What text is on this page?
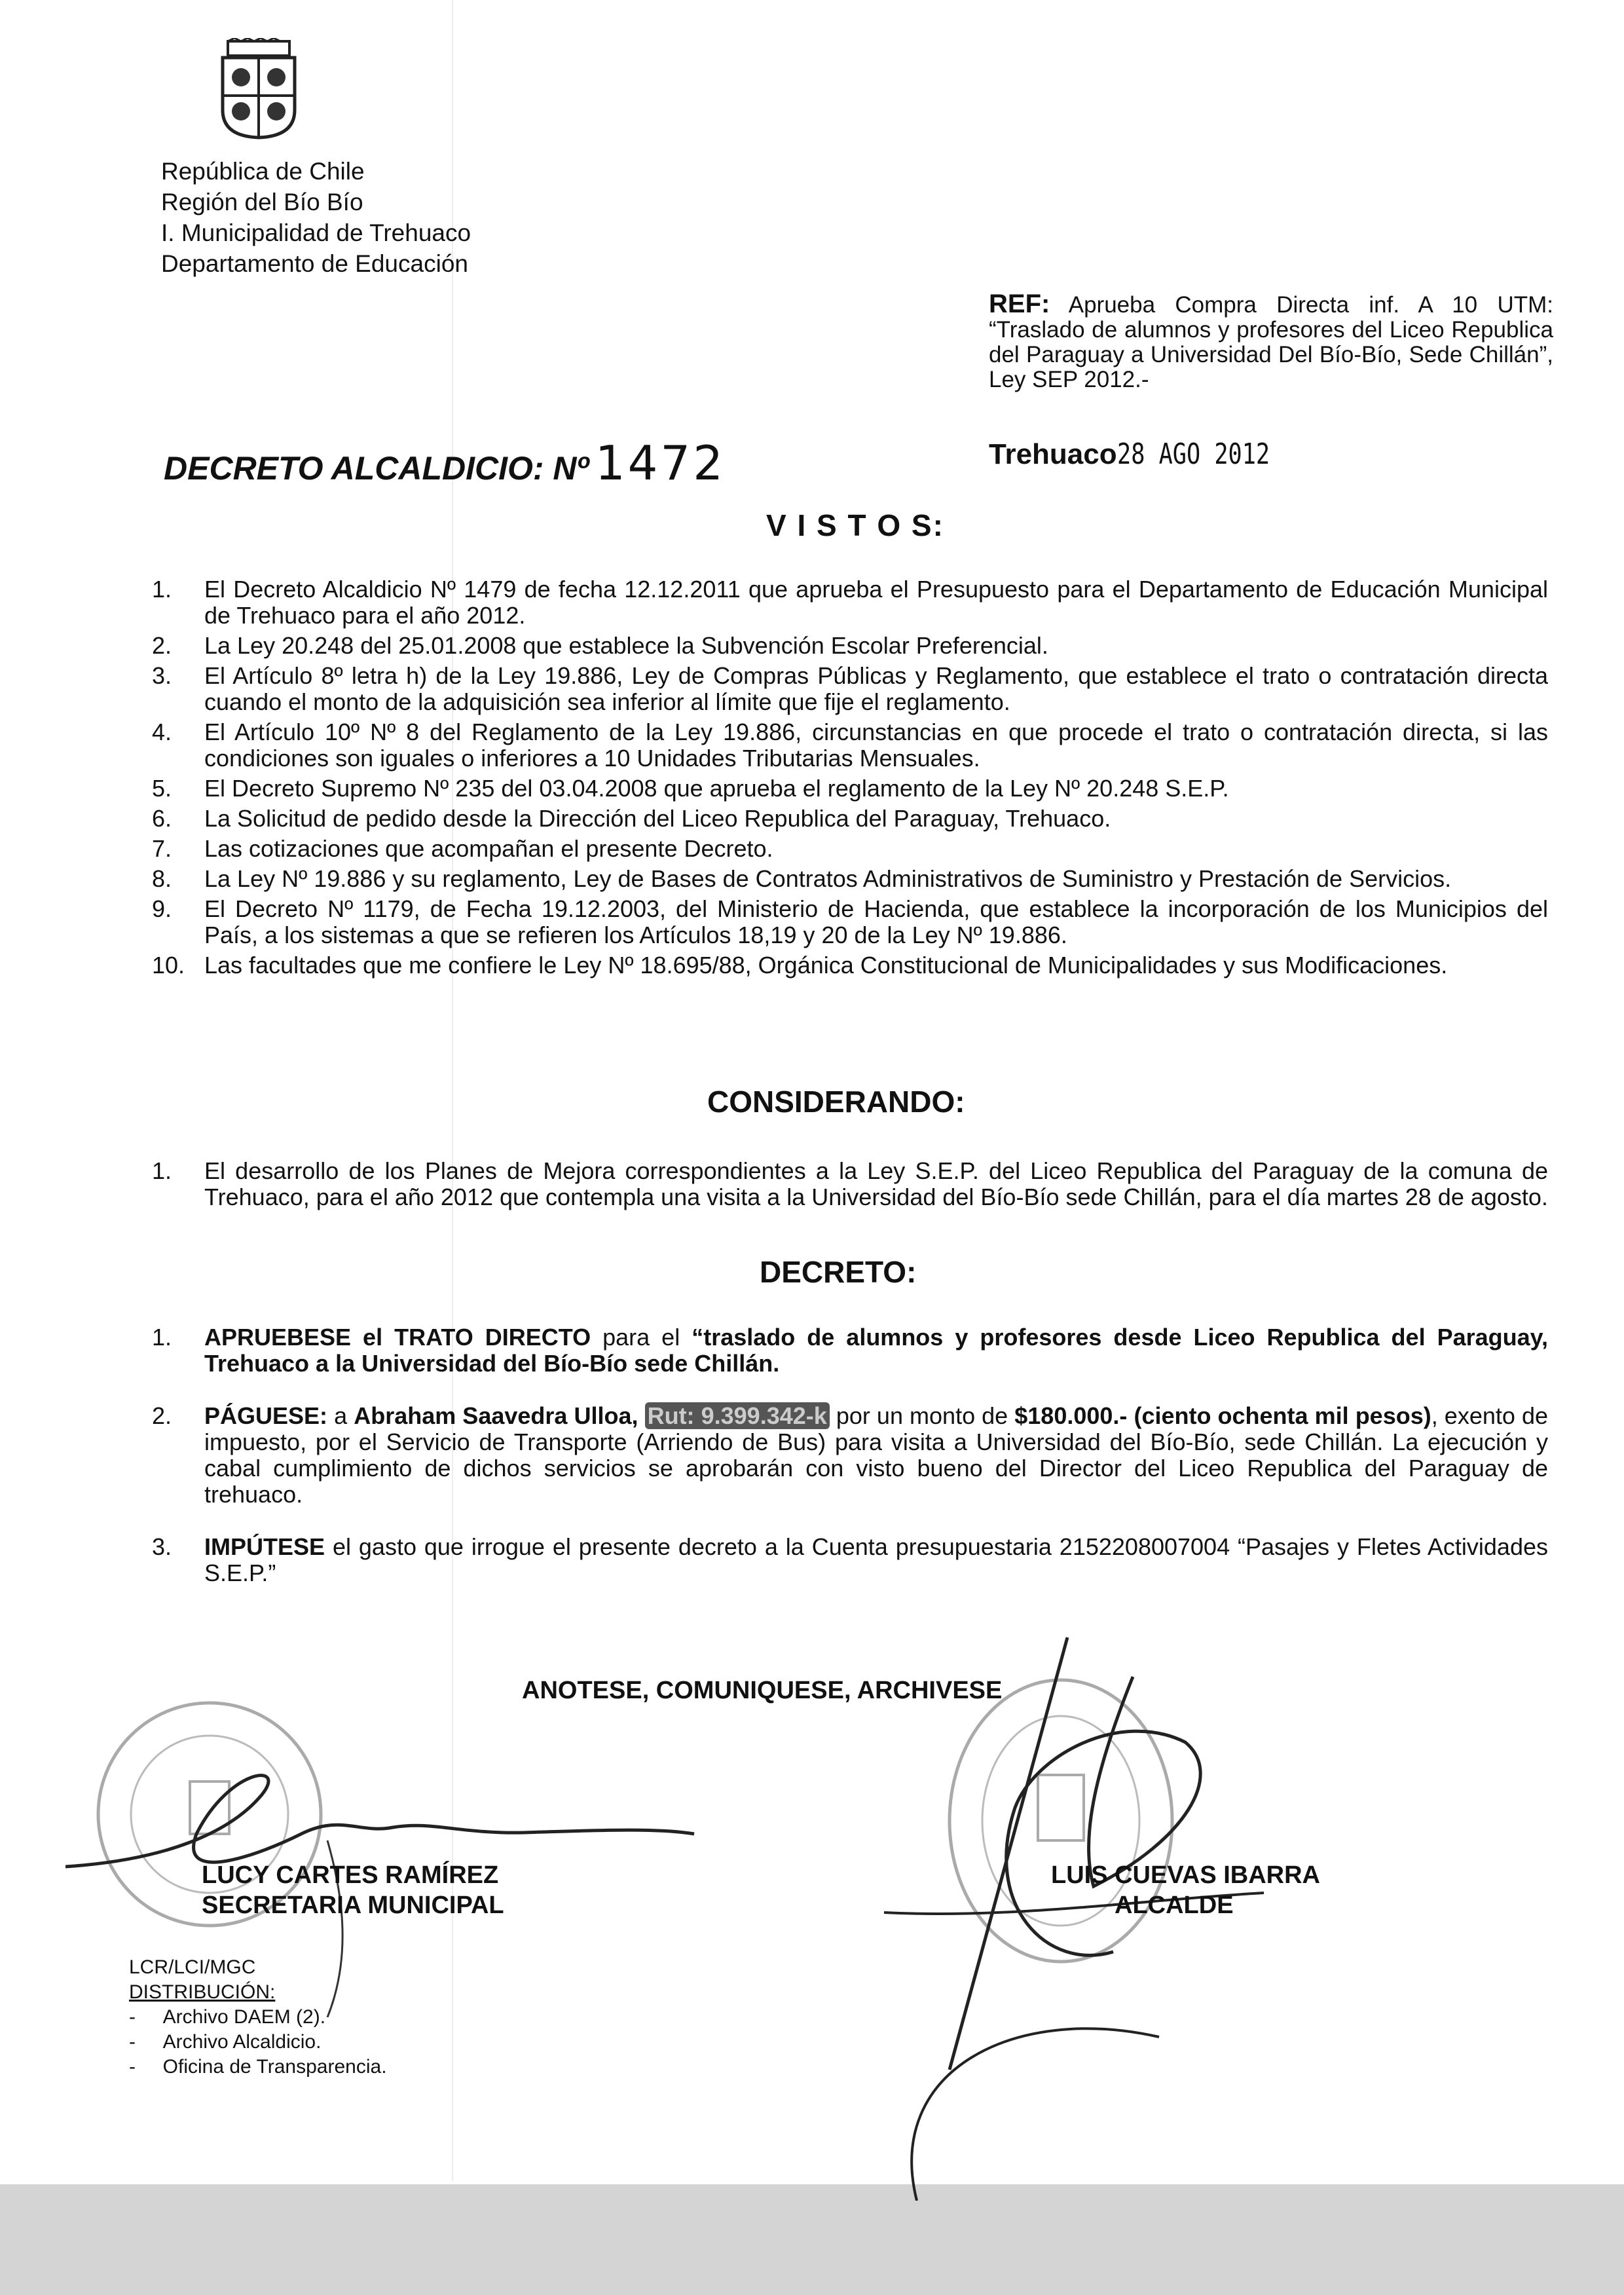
República de Chile
Región del Bío Bío
I. Municipalidad de Trehuaco
Departamento de Educación
REF: Aprueba Compra Directa inf. A 10 UTM: “Traslado de alumnos y profesores del Liceo Republica del Paraguay a Universidad Del Bío-Bío, Sede Chillán”, Ley SEP 2012.-
DECRETO ALCALDICIO: Nº 1472	Trehuaco28 AGO 2012
V I S T O S:
1.	El Decreto Alcaldicio Nº 1479 de fecha 12.12.2011 que aprueba el Presupuesto para el Departamento de Educación Municipal de Trehuaco para el año 2012.
2.	La Ley 20.248 del 25.01.2008 que establece la Subvención Escolar Preferencial.
3.	El Artículo 8º letra h) de la Ley 19.886, Ley de Compras Públicas y Reglamento, que establece el trato o contratación directa cuando el monto de la adquisición sea inferior al límite que fije el reglamento.
4.	El Artículo 10º Nº 8 del Reglamento de la Ley 19.886, circunstancias en que procede el trato o contratación directa, si las condiciones son iguales o inferiores a 10 Unidades Tributarias Mensuales.
5.	El Decreto Supremo Nº 235 del 03.04.2008 que aprueba el reglamento de la Ley Nº 20.248 S.E.P.
6.	La Solicitud de pedido desde la Dirección del Liceo Republica del Paraguay, Trehuaco.
7.	Las cotizaciones que acompañan el presente Decreto.
8.	La Ley Nº 19.886 y su reglamento, Ley de Bases de Contratos Administrativos de Suministro y Prestación de Servicios.
9.	El Decreto Nº 1179, de Fecha 19.12.2003, del Ministerio de Hacienda, que establece la incorporación de los Municipios del País, a los sistemas a que se refieren los Artículos 18,19 y 20 de la Ley Nº 19.886.
10. Las facultades que me confiere le Ley Nº 18.695/88, Orgánica Constitucional de Municipalidades y sus Modificaciones.
CONSIDERANDO:
1.	El desarrollo de los Planes de Mejora correspondientes a la Ley S.E.P. del Liceo Republica del Paraguay de la comuna de Trehuaco, para el año 2012 que contempla una visita a la Universidad del Bío-Bío sede Chillán, para el día martes 28 de agosto.
DECRETO:
1.	APRUEBESE el TRATO DIRECTO para el “traslado de alumnos y profesores desde Liceo Republica del Paraguay, Trehuaco a la Universidad del Bío-Bío sede Chillán.
2.	PÁGUESE: a Abraham Saavedra Ulloa, Rut: 9.399.342-k por un monto de $180.000.- (ciento ochenta mil pesos), exento de impuesto, por el Servicio de Transporte (Arriendo de Bus) para visita a Universidad del Bío-Bío, sede Chillán. La ejecución y cabal cumplimiento de dichos servicios se aprobarán con visto bueno del Director del Liceo Republica del Paraguay de trehuaco.
3.	IMPÚTESE el gasto que irrogue el presente decreto a la Cuenta presupuestaria 2152208007004 “Pasajes y Fletes Actividades S.E.P.”
ANOTESE, COMUNIQUESE, ARCHIVESE
LUCY CARTES RAMÍREZ
SECRETARIA MUNICIPAL
LUIS CUEVAS IBARRA
ALCALDE
LCR/LCI/MGC
DISTRIBUCIÓN:
-     Archivo DAEM (2).
-     Archivo Alcaldicio.
-     Oficina de Transparencia.
